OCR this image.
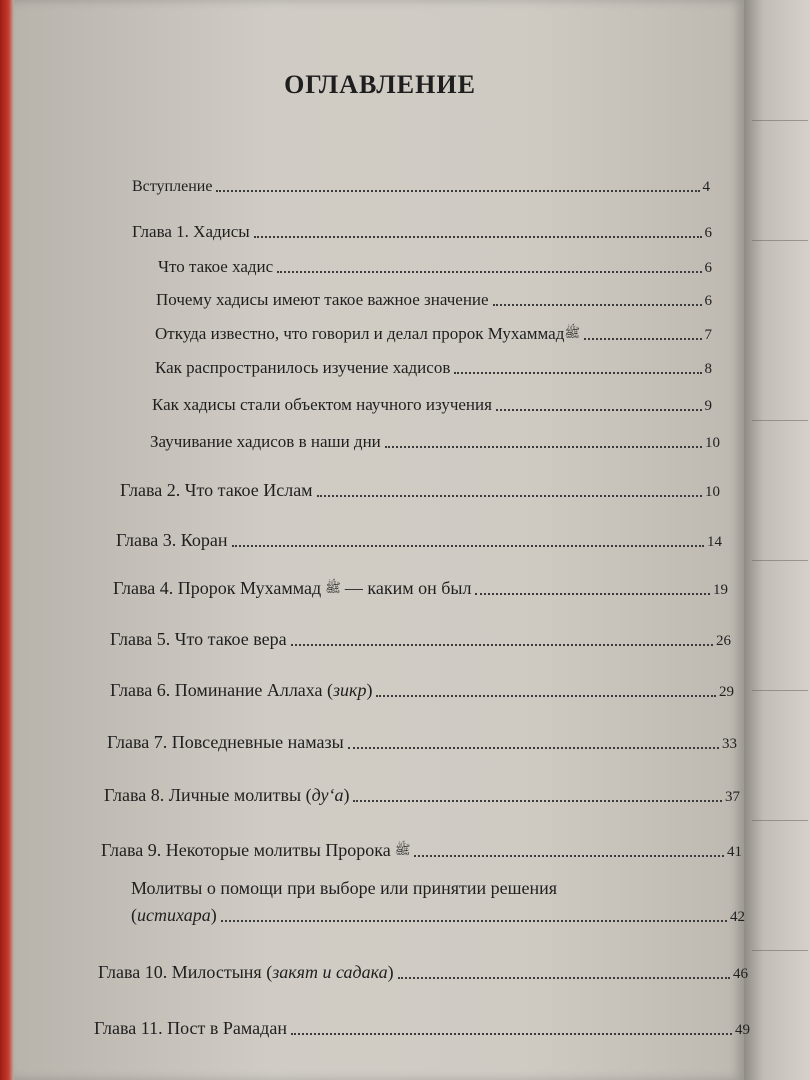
ОГЛАВЛЕНИЕ
Вступление	4
Глава 1. Хадисы	6
Что такое хадис	6
Почему хадисы имеют такое важное значение	6
Откуда известно, что говорил и делал пророк Мухаммад ﷺ	7
Как распространилось изучение хадисов	8
Как хадисы стали объектом научного изучения	9
Заучивание хадисов в наши дни	10
Глава 2. Что такое Ислам	10
Глава 3. Коран	14
Глава 4. Пророк Мухаммад ﷺ — каким он был	19
Глава 5. Что такое вера	26
Глава 6. Поминание Аллаха ( зикр )	29
Глава 7. Повседневные намазы	33
Глава 8. Личные молитвы ( ду‘а )	37
Глава 9. Некоторые молитвы Пророка ﷺ	41
Молитвы о помощи при выборе или принятии решения
( истихара )	42
Глава 10. Милостыня ( закят и садака )	46
Глава 11. Пост в Рамадан	49
